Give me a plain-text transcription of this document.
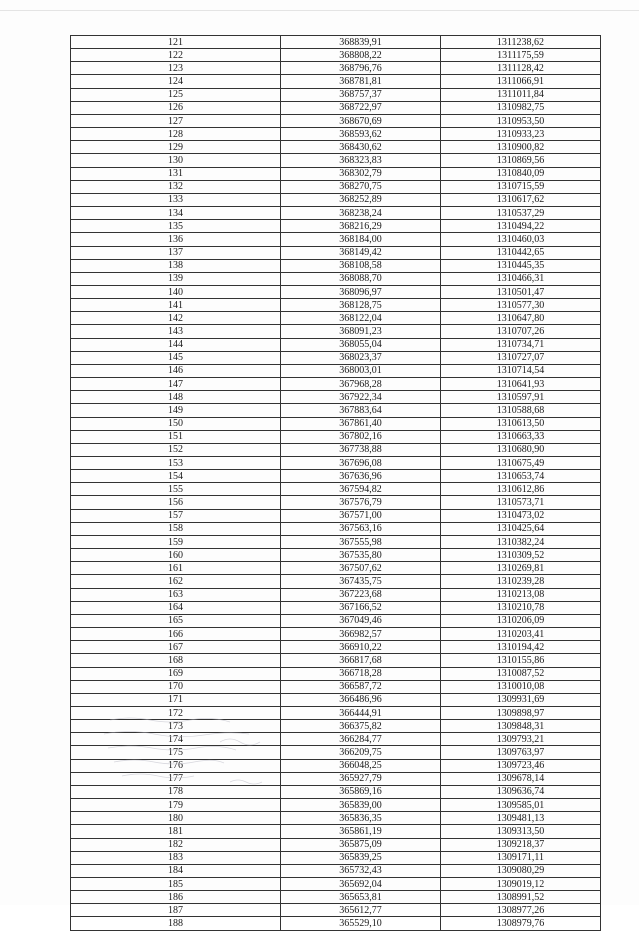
121	368839,91	1311238,62
122	368808,22	1311175,59
123	368796,76	1311128,42
124	368781,81	1311066,91
125	368757,37	1311011,84
126	368722,97	1310982,75
127	368670,69	1310953,50
128	368593,62	1310933,23
129	368430,62	1310900,82
130	368323,83	1310869,56
131	368302,79	1310840,09
132	368270,75	1310715,59
133	368252,89	1310617,62
134	368238,24	1310537,29
135	368216,29	1310494,22
136	368184,00	1310460,03
137	368149,42	1310442,65
138	368108,58	1310445,35
139	368088,70	1310466,31
140	368096,97	1310501,47
141	368128,75	1310577,30
142	368122,04	1310647,80
143	368091,23	1310707,26
144	368055,04	1310734,71
145	368023,37	1310727,07
146	368003,01	1310714,54
147	367968,28	1310641,93
148	367922,34	1310597,91
149	367883,64	1310588,68
150	367861,40	1310613,50
151	367802,16	1310663,33
152	367738,88	1310680,90
153	367696,08	1310675,49
154	367636,96	1310653,74
155	367594,82	1310612,86
156	367576,79	1310573,71
157	367571,00	1310473,02
158	367563,16	1310425,64
159	367555,98	1310382,24
160	367535,80	1310309,52
161	367507,62	1310269,81
162	367435,75	1310239,28
163	367223,68	1310213,08
164	367166,52	1310210,78
165	367049,46	1310206,09
166	366982,57	1310203,41
167	366910,22	1310194,42
168	366817,68	1310155,86
169	366718,28	1310087,52
170	366587,72	1310010,08
171	366486,96	1309931,69
172	366444,91	1309898,97
173	366375,82	1309848,31
174	366284,77	1309793,21
175	366209,75	1309763,97
176	366048,25	1309723,46
177	365927,79	1309678,14
178	365869,16	1309636,74
179	365839,00	1309585,01
180	365836,35	1309481,13
181	365861,19	1309313,50
182	365875,09	1309218,37
183	365839,25	1309171,11
184	365732,43	1309080,29
185	365692,04	1309019,12
186	365653,81	1308991,52
187	365612,77	1308977,26
188	365529,10	1308979,76
